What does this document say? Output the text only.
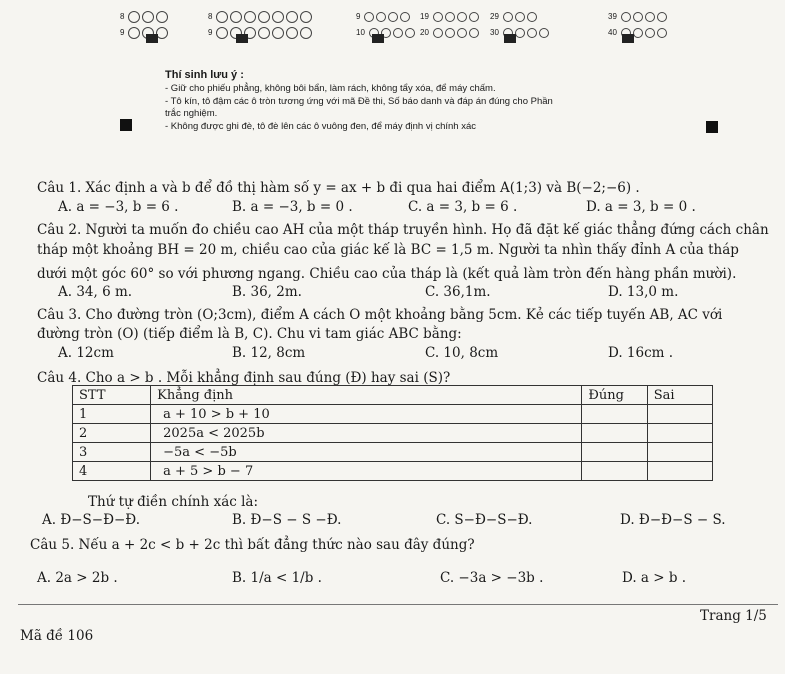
8	8	9	19	29	39
9	9	10	20	30	40
Thí sinh lưu ý :
- Giữ cho phiếu phẳng, không bôi bẩn, làm rách, không tẩy xóa, để máy chấm.
- Tô kín, tô đậm các ô tròn tương ứng với mã Đề thi, Số báo danh và đáp án đúng cho Phần
trắc nghiệm.
- Không được ghi đè, tô đè lên các ô vuông đen, để máy định vị chính xác
Câu 1. Xác định a và b để đồ thị hàm số y = ax + b đi qua hai điểm A(1;3) và B(−2;−6) .
A. a = −3, b = 6 .	B. a = −3, b = 0 .	C. a = 3, b = 6 .	D. a = 3, b = 0 .
Câu 2. Người ta muốn đo chiều cao AH của một tháp truyền hình. Họ đã đặt kế giác thẳng đứng cách chân
tháp một khoảng BH = 20 m, chiều cao của giác kế là BC = 1,5 m. Người ta nhìn thấy đỉnh A của tháp
dưới một góc 60° so với phương ngang. Chiều cao của tháp là (kết quả làm tròn đến hàng phần mười).
A. 34, 6 m.	B. 36, 2m.	C. 36,1m.	D. 13,0 m.
Câu 3. Cho đường tròn (O;3cm), điểm A cách O một khoảng bằng 5cm. Kẻ các tiếp tuyến AB, AC với
đường tròn (O) (tiếp điểm là B, C). Chu vi tam giác ABC bằng:
A. 12cm	B. 12, 8cm	C. 10, 8cm	D. 16cm .
Câu 4. Cho a > b . Mỗi khẳng định sau đúng (Đ) hay sai (S)?
STT	Khẳng định	Đúng	Sai
1	a + 10 > b + 10		
2	2025a < 2025b		
3	−5a < −5b		
4	a + 5 > b − 7		
Thứ tự điền chính xác là:
A. Đ−S−Đ−Đ.	B. Đ−S − S −Đ.	C. S−Đ−S−Đ.	D. Đ−Đ−S − S.
Câu 5. Nếu a + 2c < b + 2c thì bất đẳng thức nào sau đây đúng?
A. 2a > 2b .	B. 1/a < 1/b .	C. −3a > −3b .	D. a > b .
Trang 1/5
Mã đề 106
